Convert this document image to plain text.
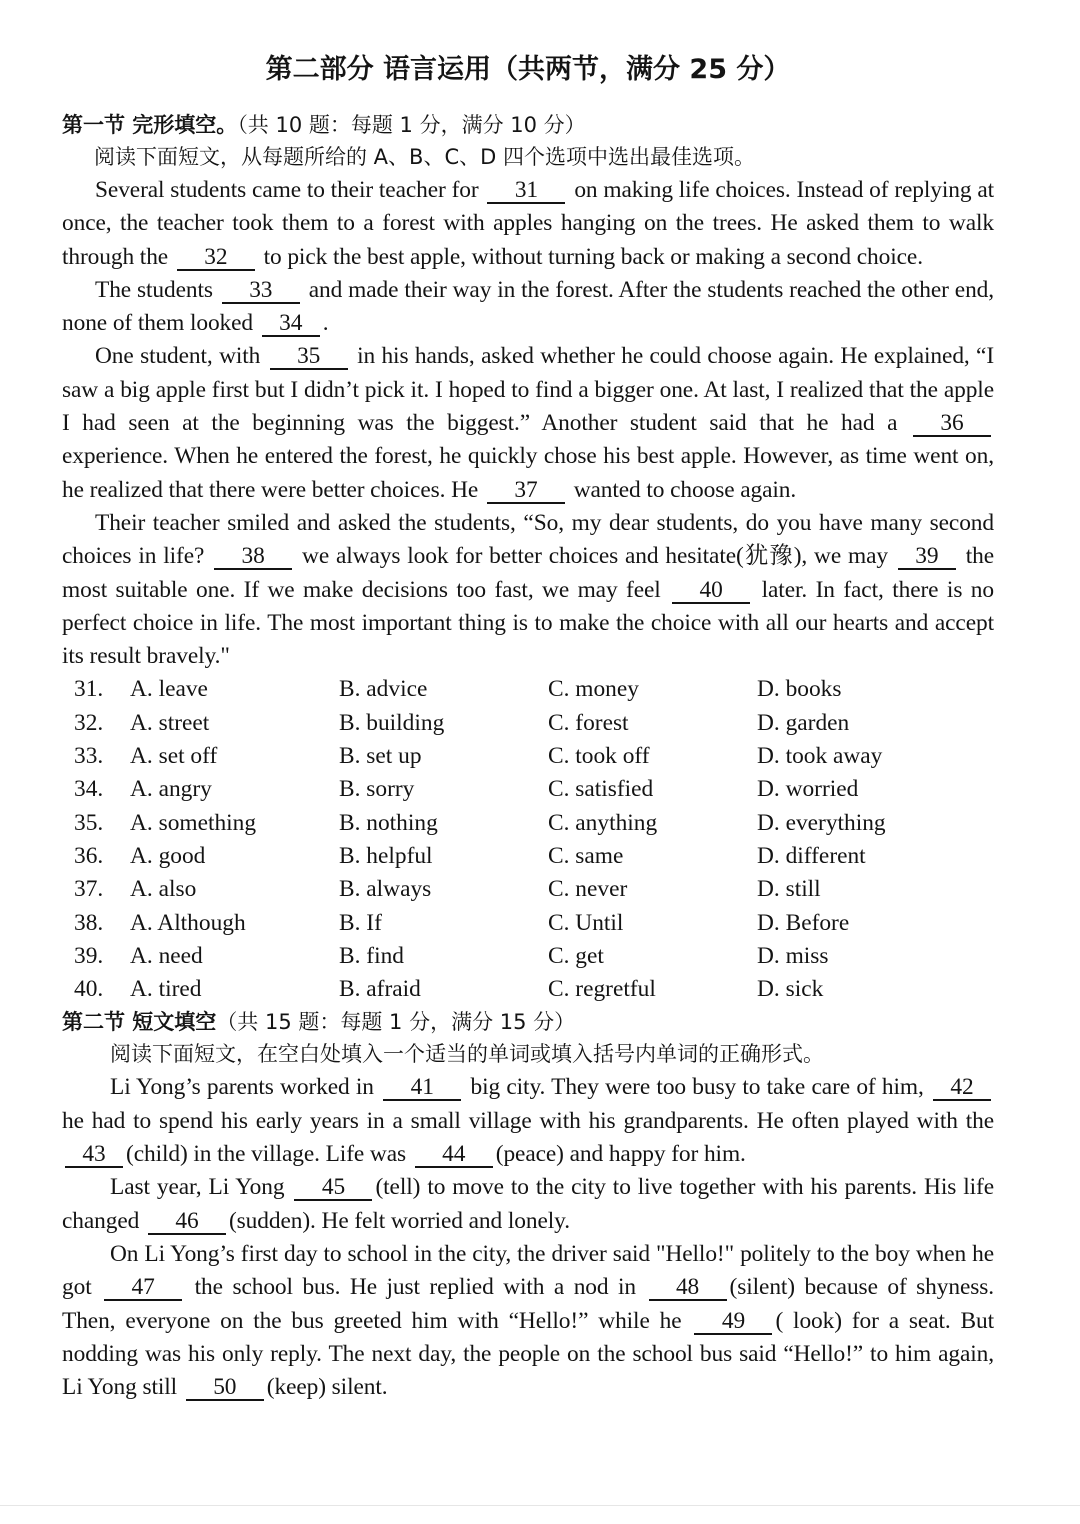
第二部分 语言运用（共两节，满分 25 分）
第一节 完形填空。（共 10 题：每题 1 分，满分 10 分）
阅读下面短文，从每题所给的 A、B、C、D 四个选项中选出最佳选项。

Several students came to their teacher for 31 on making life choices. Instead of replying at once, the teacher took them to a forest with apples hanging on the trees. He asked them to walk through the 32 to pick the best apple, without turning back or making a second choice.

The students 33 and made their way in the forest. After the students reached the other end, none of them looked 34 .

One student, with 35 in his hands, asked whether he could choose again. He explained, “I saw a big apple first but I didn’t pick it. I hoped to find a bigger one. At last, I realized that the apple I had seen at the beginning was the biggest.” Another student said that he had a 36 experience. When he entered the forest, he quickly chose his best apple. However, as time went on, he realized that there were better choices. He 37 wanted to choose again.

Their teacher smiled and asked the students, “So, my dear students, do you have many second choices in life? 38 we always look for better choices and hesitate(犹豫), we may 39 the most suitable one. If we make decisions too fast, we may feel 40 later. In fact, there is no perfect choice in life. The most important thing is to make the choice with all our hearts and accept its result bravely."

31.	A. leave	B. advice	C. money	D. books
32.	A. street	B. building	C. forest	D. garden
33.	A. set off	B. set up	C. took off	D. took away
34.	A. angry	B. sorry	C. satisfied	D. worried
35.	A. something	B. nothing	C. anything	D. everything
36.	A. good	B. helpful	C. same	D. different
37.	A. also	B. always	C. never	D. still
38.	A. Although	B. If	C. Until	D. Before
39.	A. need	B. find	C. get	D. miss
40.	A. tired	B. afraid	C. regretful	D. sick
第二节 短文填空（共 15 题：每题 1 分，满分 15 分）
阅读下面短文，在空白处填入一个适当的单词或填入括号内单词的正确形式。

Li Yong’s parents worked in 41 big city. They were too busy to take care of him, 42 he had to spend his early years in a small village with his grandparents. He often played with the 43 (child) in the village. Life was 44 (peace) and happy for him.

Last year, Li Yong 45 (tell) to move to the city to live together with his parents. His life changed 46 (sudden). He felt worried and lonely.

On Li Yong’s first day to school in the city, the driver said "Hello!" politely to the boy when he got 47 the school bus. He just replied with a nod in 48 (silent) because of shyness. Then, everyone on the bus greeted him with “Hello!” while he 49 ( look) for a seat. But nodding was his only reply. The next day, the people on the school bus said “Hello!” to him again, Li Yong still 50 (keep) silent.
